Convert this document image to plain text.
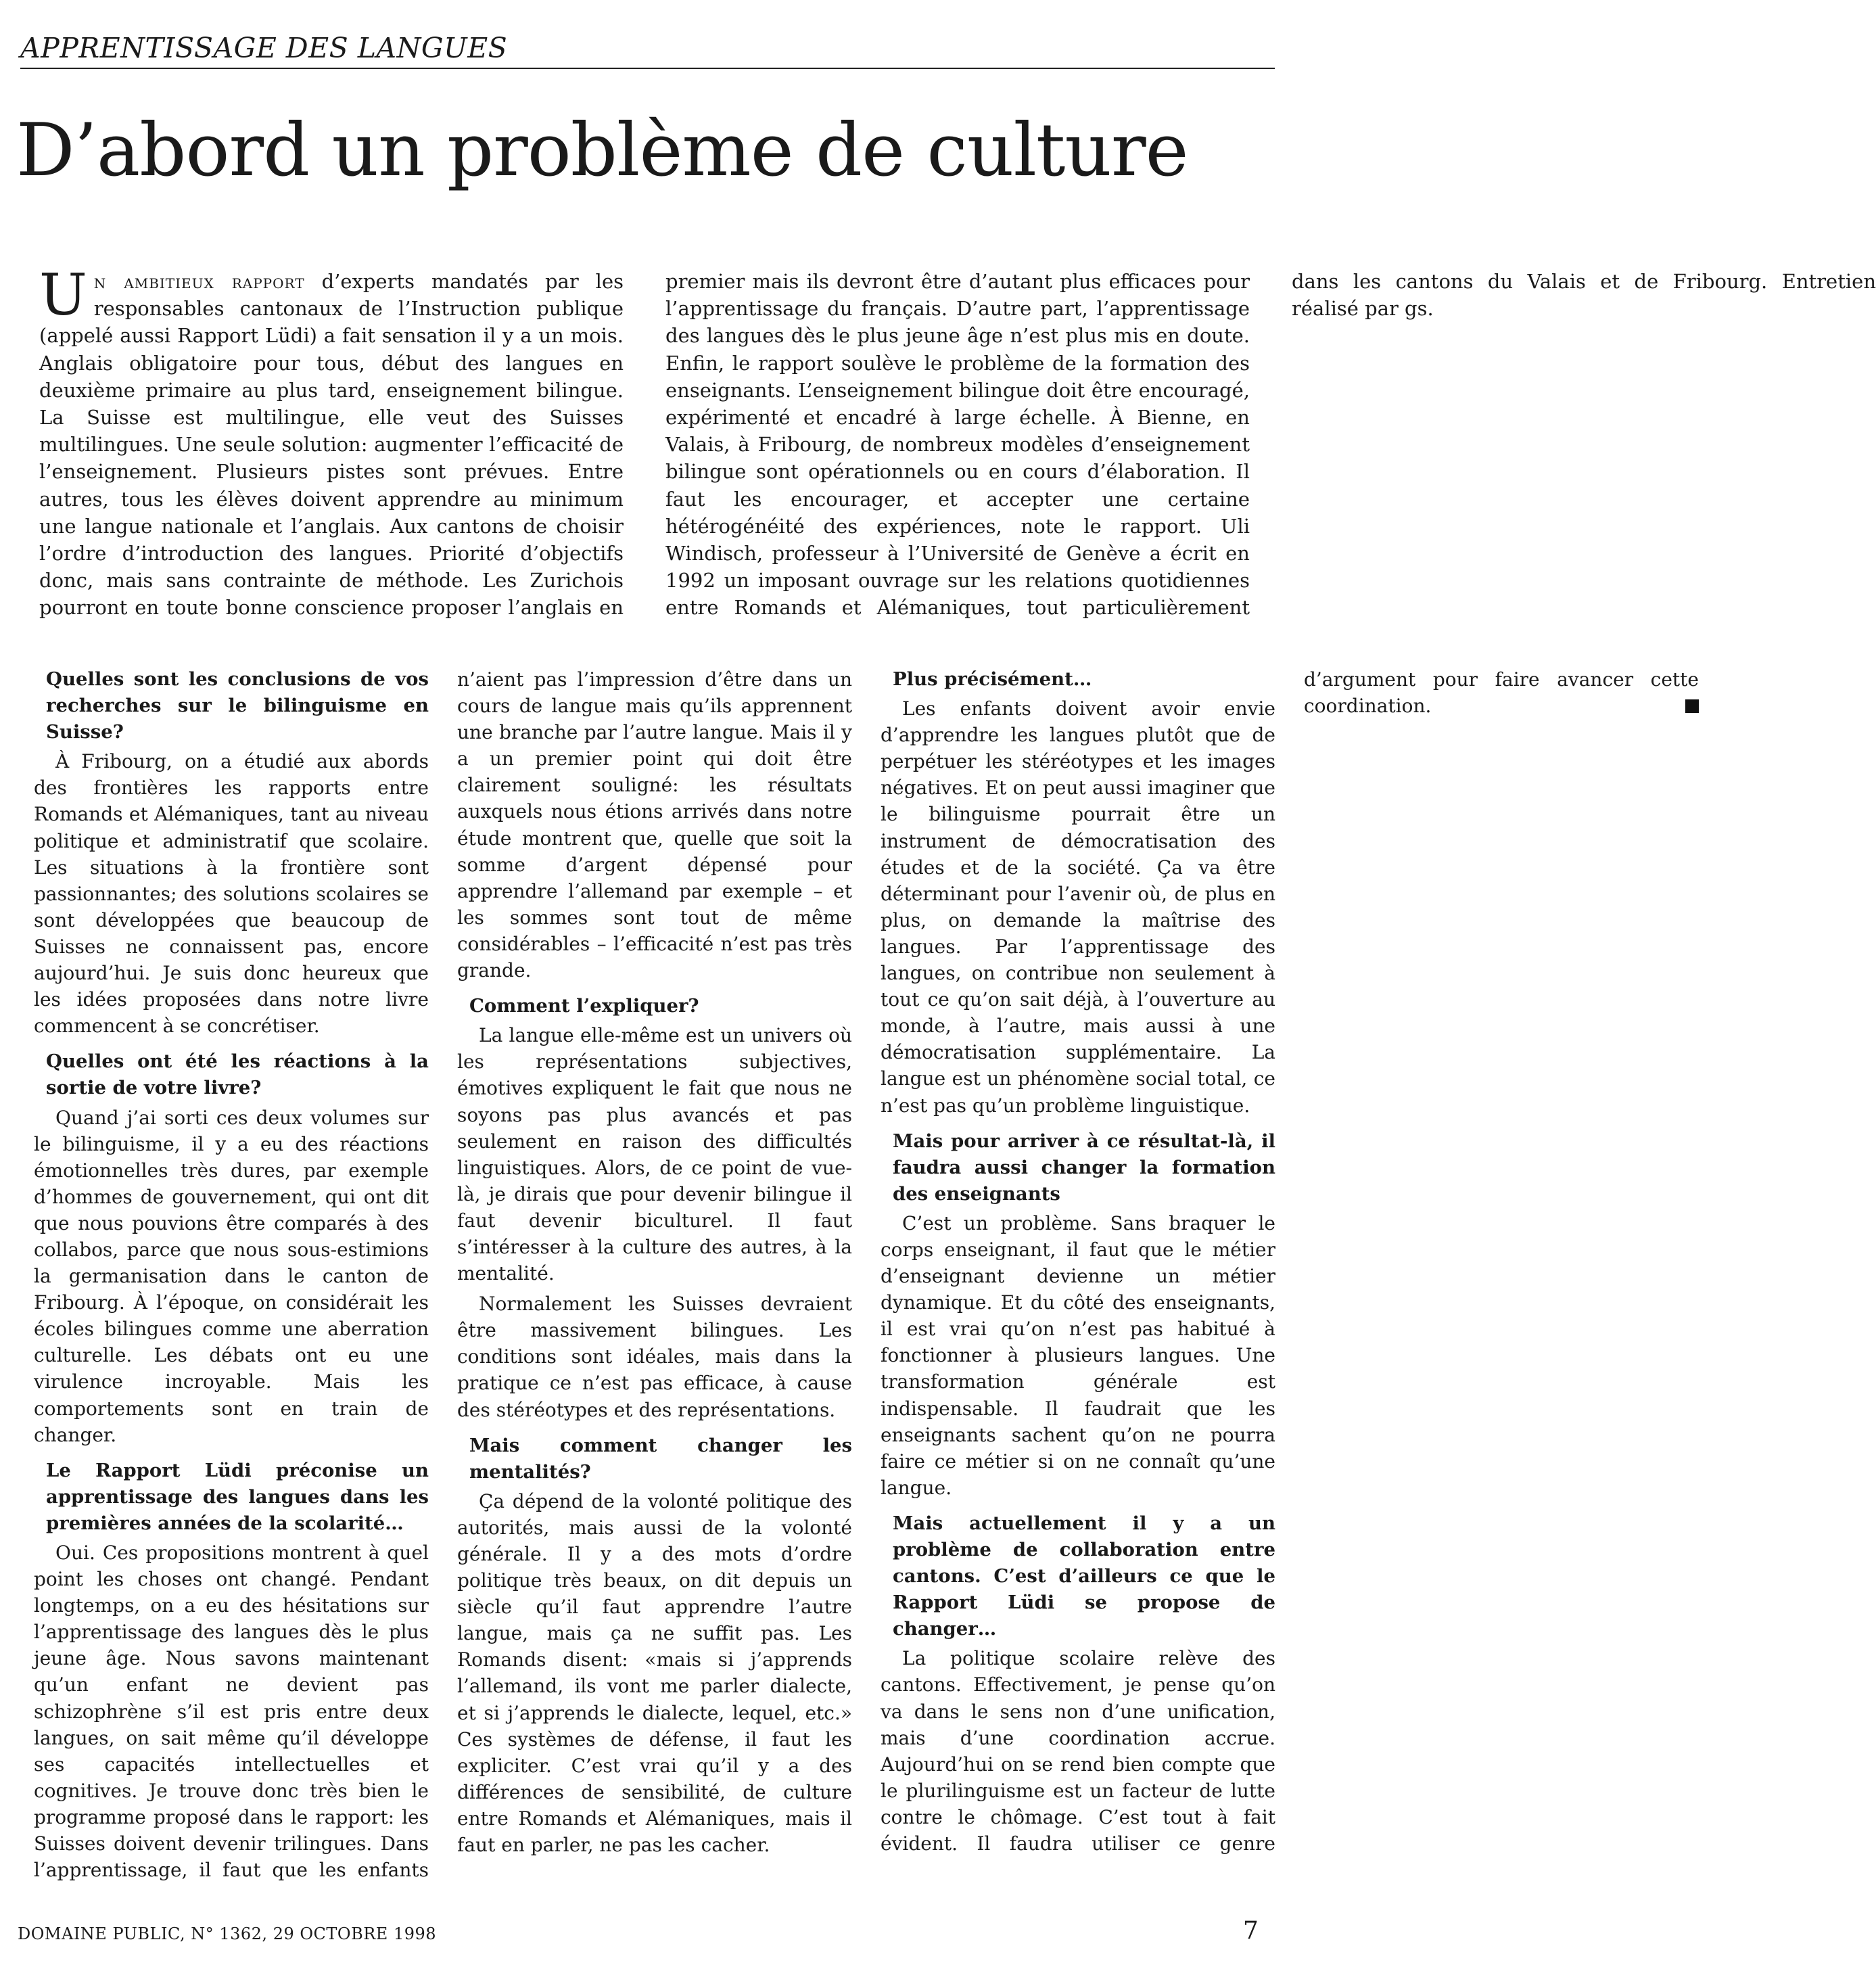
APPRENTISSAGE DES LANGUES
D’abord un problème de culture

Un ambitieux rapport d’experts mandatés par les responsables cantonaux de l’Instruction publique (appelé aussi Rapport Lüdi) a fait sensation il y a un mois. Anglais obligatoire pour tous, début des langues en deuxième primaire au plus tard, enseignement bilingue. La Suisse est multilingue, elle veut des Suisses multilingues. Une seule solution: augmenter l’efficacité de l’enseignement. Plusieurs pistes sont prévues. Entre autres, tous les élèves doivent apprendre au minimum une langue nationale et l’anglais. Aux cantons de choisir l’ordre d’introduction des langues. Priorité d’objectifs donc, mais sans contrainte de méthode. Les Zurichois pourront en toute bonne conscience proposer l’anglais en premier mais ils devront être d’autant plus efficaces pour l’apprentissage du français. D’autre part, l’apprentissage des langues dès le plus jeune âge n’est plus mis en doute. Enfin, le rapport soulève le problème de la formation des enseignants. L’enseignement bilingue doit être encouragé, expérimenté et encadré à large échelle. À Bienne, en Valais, à Fribourg, de nombreux modèles d’enseignement bilingue sont opérationnels ou en cours d’élaboration. Il faut les encourager, et accepter une certaine hétérogénéité des expériences, note le rapport. Uli Windisch, professeur à l’Université de Genève a écrit en 1992 un imposant ouvrage sur les relations quotidiennes entre Romands et Alémaniques, tout particulièrement dans les cantons du Valais et de Fribourg. Entretien réalisé par gs.

Quelles sont les conclusions de vos recherches sur le bilinguisme en Suisse?

À Fribourg, on a étudié aux abords des frontières les rapports entre Romands et Alémaniques, tant au niveau politique et administratif que scolaire. Les situations à la frontière sont passionnantes; des solutions scolaires se sont développées que beaucoup de Suisses ne connaissent pas, encore aujourd’hui. Je suis donc heureux que les idées proposées dans notre livre commencent à se concrétiser.

Quelles ont été les réactions à la sortie de votre livre?

Quand j’ai sorti ces deux volumes sur le bilinguisme, il y a eu des réactions émotionnelles très dures, par exemple d’hommes de gouvernement, qui ont dit que nous pouvions être comparés à des collabos, parce que nous sous-estimions la germanisation dans le canton de Fribourg. À l’époque, on considérait les écoles bilingues comme une aberration culturelle. Les débats ont eu une virulence incroyable. Mais les comportements sont en train de changer.

Le Rapport Lüdi préconise un apprentissage des langues dans les premières années de la scolarité…

Oui. Ces propositions montrent à quel point les choses ont changé. Pendant longtemps, on a eu des hésitations sur l’apprentissage des langues dès le plus jeune âge. Nous savons maintenant qu’un enfant ne devient pas schizophrène s’il est pris entre deux langues, on sait même qu’il développe ses capacités intellectuelles et cognitives. Je trouve donc très bien le programme proposé dans le rapport: les Suisses doivent devenir trilingues. Dans l’apprentissage, il faut que les enfants n’aient pas l’impression d’être dans un cours de langue mais qu’ils apprennent une branche par l’autre langue. Mais il y a un premier point qui doit être clairement souligné: les résultats auxquels nous étions arrivés dans notre étude montrent que, quelle que soit la somme d’argent dépensé pour apprendre l’allemand par exemple – et les sommes sont tout de même considérables – l’efficacité n’est pas très grande.

Comment l’expliquer?

La langue elle-même est un univers où les représentations subjectives, émotives expliquent le fait que nous ne soyons pas plus avancés et pas seulement en raison des difficultés linguistiques. Alors, de ce point de vue-là, je dirais que pour devenir bilingue il faut devenir biculturel. Il faut s’intéresser à la culture des autres, à la mentalité.

Normalement les Suisses devraient être massivement bilingues. Les conditions sont idéales, mais dans la pratique ce n’est pas efficace, à cause des stéréotypes et des représentations.

Mais comment changer les mentalités?

Ça dépend de la volonté politique des autorités, mais aussi de la volonté générale. Il y a des mots d’ordre politique très beaux, on dit depuis un siècle qu’il faut apprendre l’autre langue, mais ça ne suffit pas. Les Romands disent: «mais si j’apprends l’allemand, ils vont me parler dialecte, et si j’apprends le dialecte, lequel, etc.» Ces systèmes de défense, il faut les expliciter. C’est vrai qu’il y a des différences de sensibilité, de culture entre Romands et Alémaniques, mais il faut en parler, ne pas les cacher.

Plus précisément…

Les enfants doivent avoir envie d’apprendre les langues plutôt que de perpétuer les stéréotypes et les images négatives. Et on peut aussi imaginer que le bilinguisme pourrait être un instrument de démocratisation des études et de la société. Ça va être déterminant pour l’avenir où, de plus en plus, on demande la maîtrise des langues. Par l’apprentissage des langues, on contribue non seulement à tout ce qu’on sait déjà, à l’ouverture au monde, à l’autre, mais aussi à une démocratisation supplémentaire. La langue est un phénomène social total, ce n’est pas qu’un problème linguistique.

Mais pour arriver à ce résultat-là, il faudra aussi changer la formation des enseignants

C’est un problème. Sans braquer le corps enseignant, il faut que le métier d’enseignant devienne un métier dynamique. Et du côté des enseignants, il est vrai qu’on n’est pas habitué à fonctionner à plusieurs langues. Une transformation générale est indispensable. Il faudrait que les enseignants sachent qu’on ne pourra faire ce métier si on ne connaît qu’une langue.

Mais actuellement il y a un problème de collaboration entre cantons. C’est d’ailleurs ce que le Rapport Lüdi se propose de changer…

La politique scolaire relève des cantons. Effectivement, je pense qu’on va dans le sens non d’une unification, mais d’une coordination accrue. Aujourd’hui on se rend bien compte que le plurilinguisme est un facteur de lutte contre le chômage. C’est tout à fait évident. Il faudra utiliser ce genre d’argument pour faire avancer cette coordination.

DOMAINE PUBLIC, N° 1362, 29 OCTOBRE 1998	7
